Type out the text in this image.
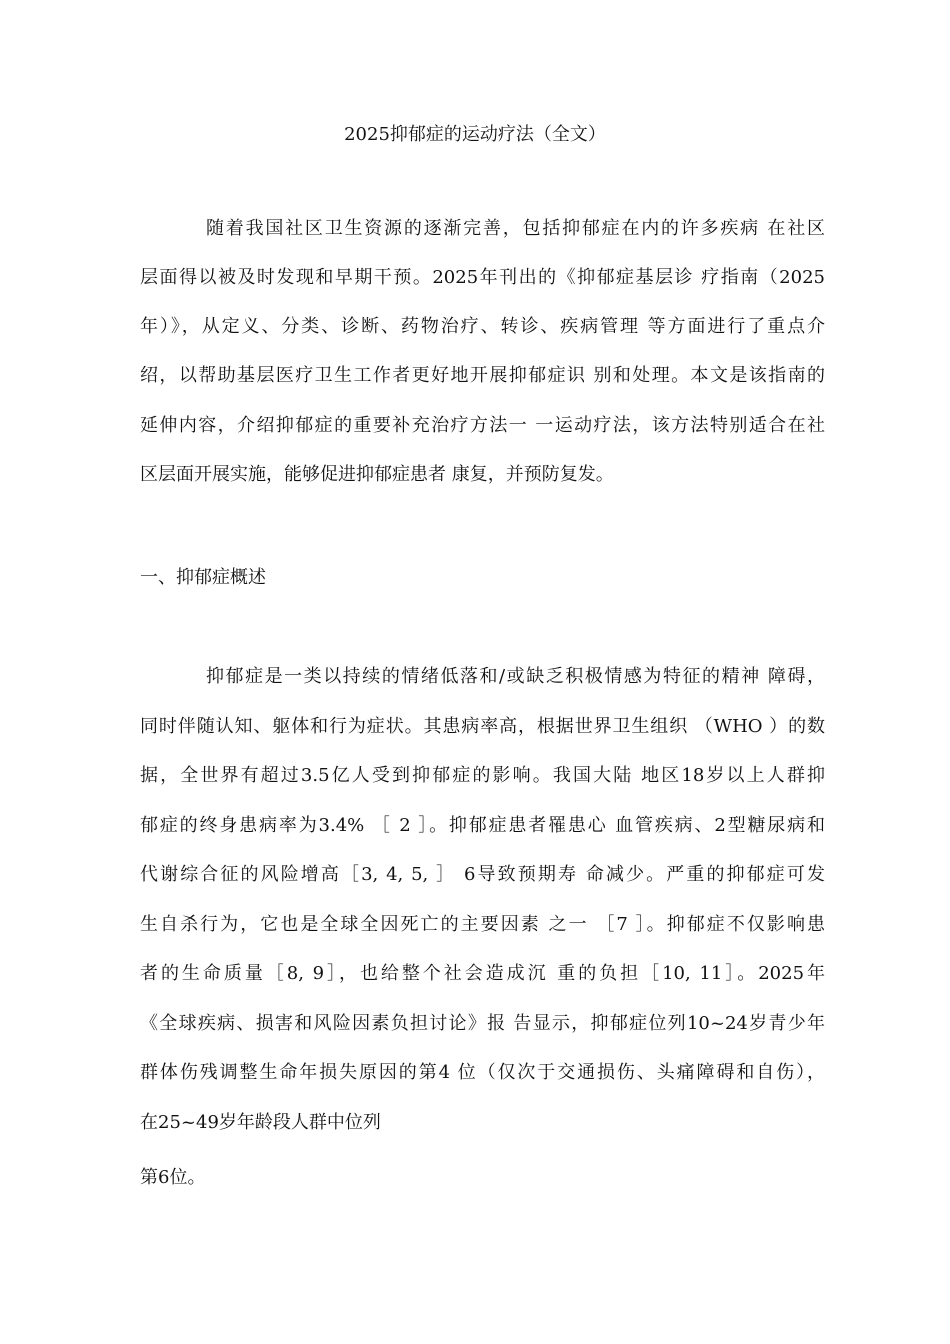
2025抑郁症的运动疗法（全文）
随着我国社区卫生资源的逐渐完善，包括抑郁症在内的许多疾病 在社区
层面得以被及时发现和早期干预。2025年刊出的《抑郁症基层诊 疗指南（2025
年）》，从定义、分类、诊断、药物治疗、转诊、疾病管理 等方面进行了重点介
绍，以帮助基层医疗卫生工作者更好地开展抑郁症识 别和处理。本文是该指南的
延伸内容，介绍抑郁症的重要补充治疗方法一 一运动疗法，该方法特别适合在社
区层面开展实施，能够促进抑郁症患者 康复，并预防复发。
一、抑郁症概述
抑郁症是一类以持续的情绪低落和/或缺乏积极情感为特征的精神 障碍，
同时伴随认知、躯体和行为症状。其患病率高，根据世界卫生组织 （WHO ）的数
据，全世界有超过3.5亿人受到抑郁症的影响。我国大陆 地区18岁以上人群抑
郁症的终身患病率为3.4% ［ 2 ］。抑郁症患者罹患心 血管疾病、2型糖尿病和
代谢综合征的风险增高［3, 4, 5, ］ 6导致预期寿 命减少。严重的抑郁症可发
生自杀行为，它也是全球全因死亡的主要因素 之一 ［7 ］。抑郁症不仅影响患
者的生命质量［8, 9］，也给整个社会造成沉 重的负担［10, 11］。2025年
《全球疾病、损害和风险因素负担讨论》报 告显示，抑郁症位列10~24岁青少年
群体伤残调整生命年损失原因的第4 位（仅次于交通损伤、头痛障碍和自伤），
在25~49岁年龄段人群中位列
第6位。
